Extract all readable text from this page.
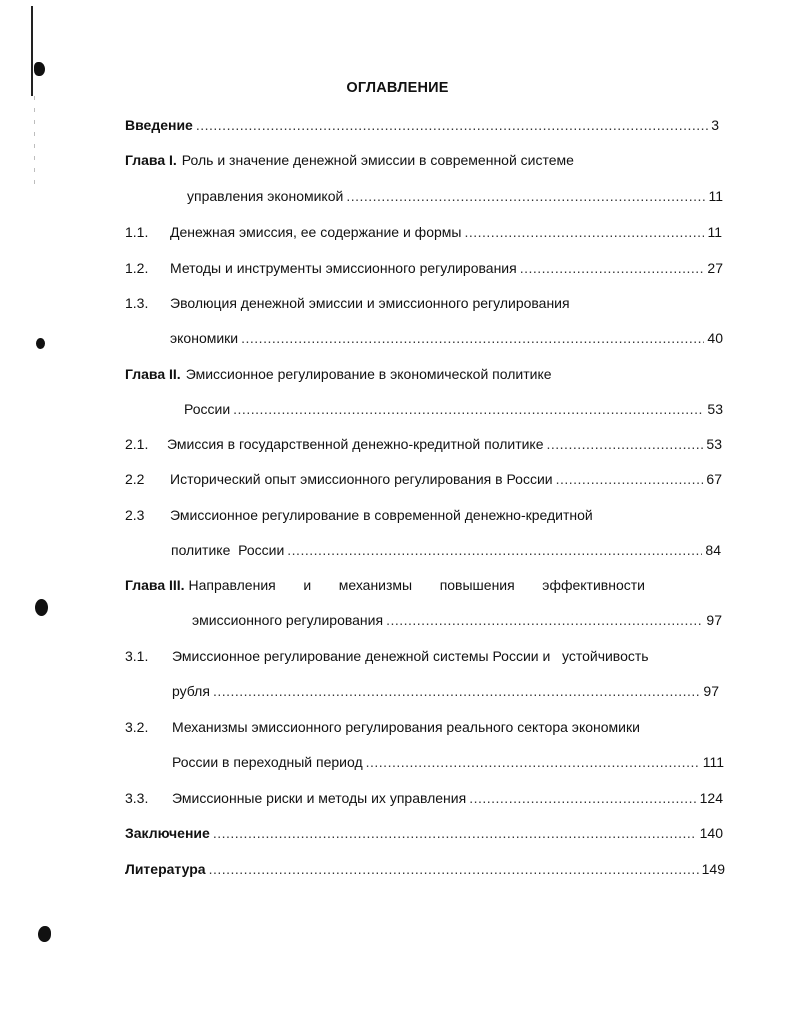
ОГЛАВЛЕНИЕ
Введение .....	3
Глава I. Роль и значение денежной эмиссии в современной системе
управления экономикой .....	11
1.1.	Денежная эмиссия, ее содержание и формы .....	11
1.2.	Методы и инструменты эмиссионного регулирования .....	27
1.3.	Эволюция денежной эмиссии и эмиссионного регулирования
экономики .....	40
Глава II. Эмиссионное регулирование в экономической политике
России .....	53
2.1.	Эмиссия в государственной денежно-кредитной политике .....	53
2.2	Исторический опыт эмиссионного регулирования в России .....	67
2.3	Эмиссионное регулирование в современной денежно-кредитной
политике  России .....	84
Глава III. Направления и механизмы повышения эффективности
эмиссионного регулирования .....	97
3.1.	Эмиссионное регулирование денежной системы России и   устойчивость
рубля .....	97
3.2.	Механизмы эмиссионного регулирования реального сектора экономики
России в переходный период .....	111
3.3.	Эмиссионные риски и методы их управления .....	124
Заключение .....	140
Литература .....	149
